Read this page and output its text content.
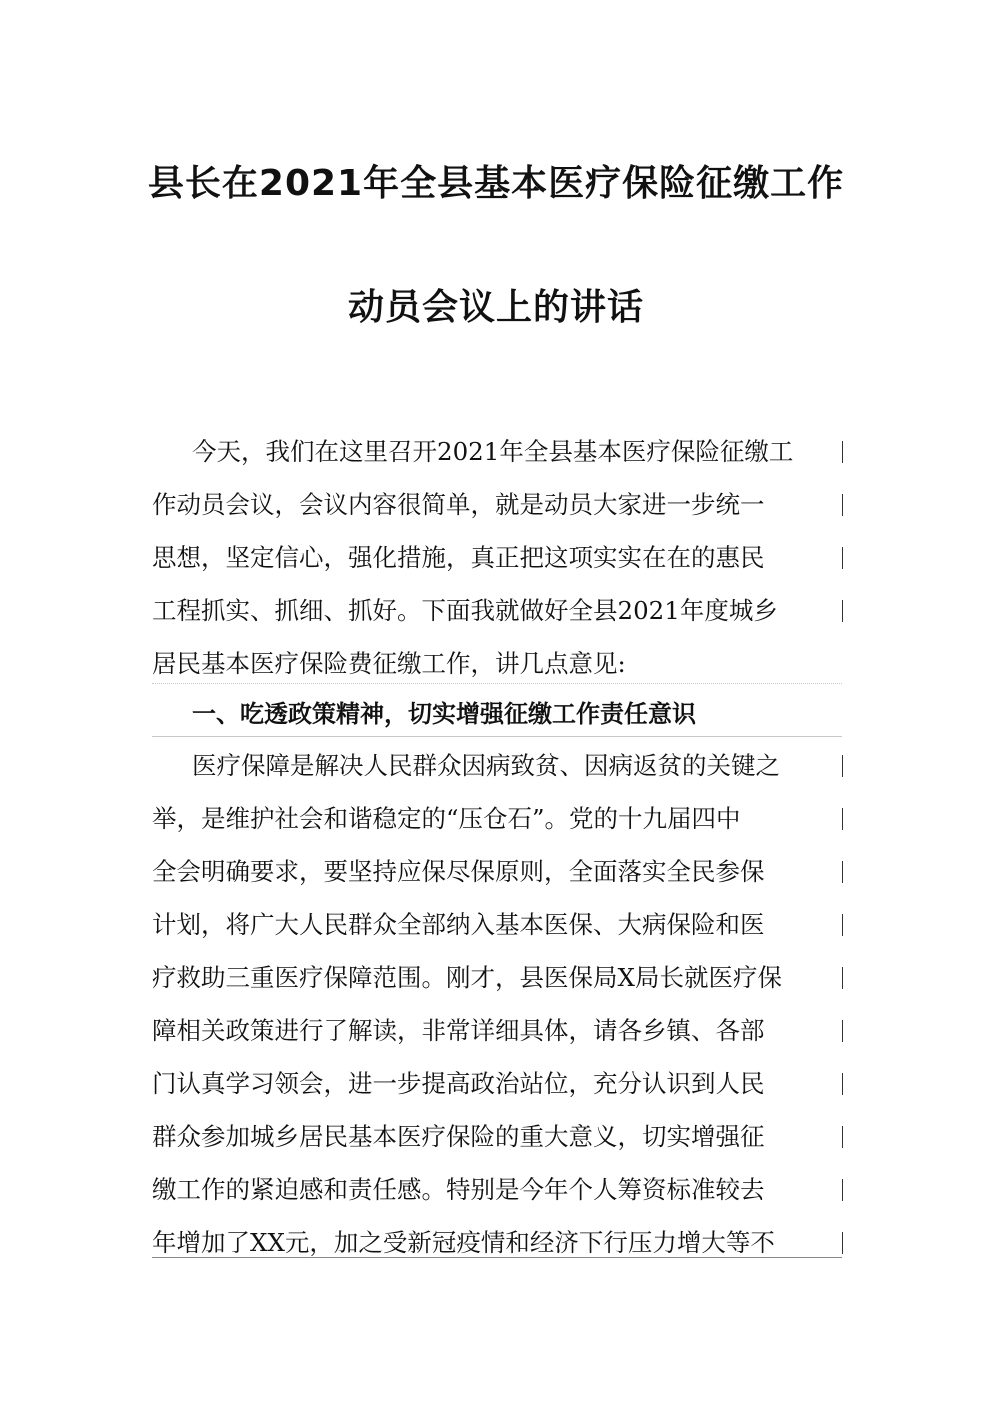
县长在2021年全县基本医疗保险征缴工作
动员会议上的讲话
今天，我们在这里召开2021年全县基本医疗保险征缴工
作动员会议，会议内容很简单，就是动员大家进一步统一
思想，坚定信心，强化措施，真正把这项实实在在的惠民
工程抓实、抓细、抓好。下面我就做好全县2021年度城乡
居民基本医疗保险费征缴工作，讲几点意见:
一、吃透政策精神，切实增强征缴工作责任意识
医疗保障是解决人民群众因病致贫、因病返贫的关键之
举，是维护社会和谐稳定的“压仓石”。党的十九届四中
全会明确要求，要坚持应保尽保原则，全面落实全民参保
计划，将广大人民群众全部纳入基本医保、大病保险和医
疗救助三重医疗保障范围。刚才，县医保局X局长就医疗保
障相关政策进行了解读，非常详细具体，请各乡镇、各部
门认真学习领会，进一步提高政治站位，充分认识到人民
群众参加城乡居民基本医疗保险的重大意义，切实增强征
缴工作的紧迫感和责任感。特别是今年个人筹资标准较去
年增加了XX元，加之受新冠疫情和经济下行压力增大等不
